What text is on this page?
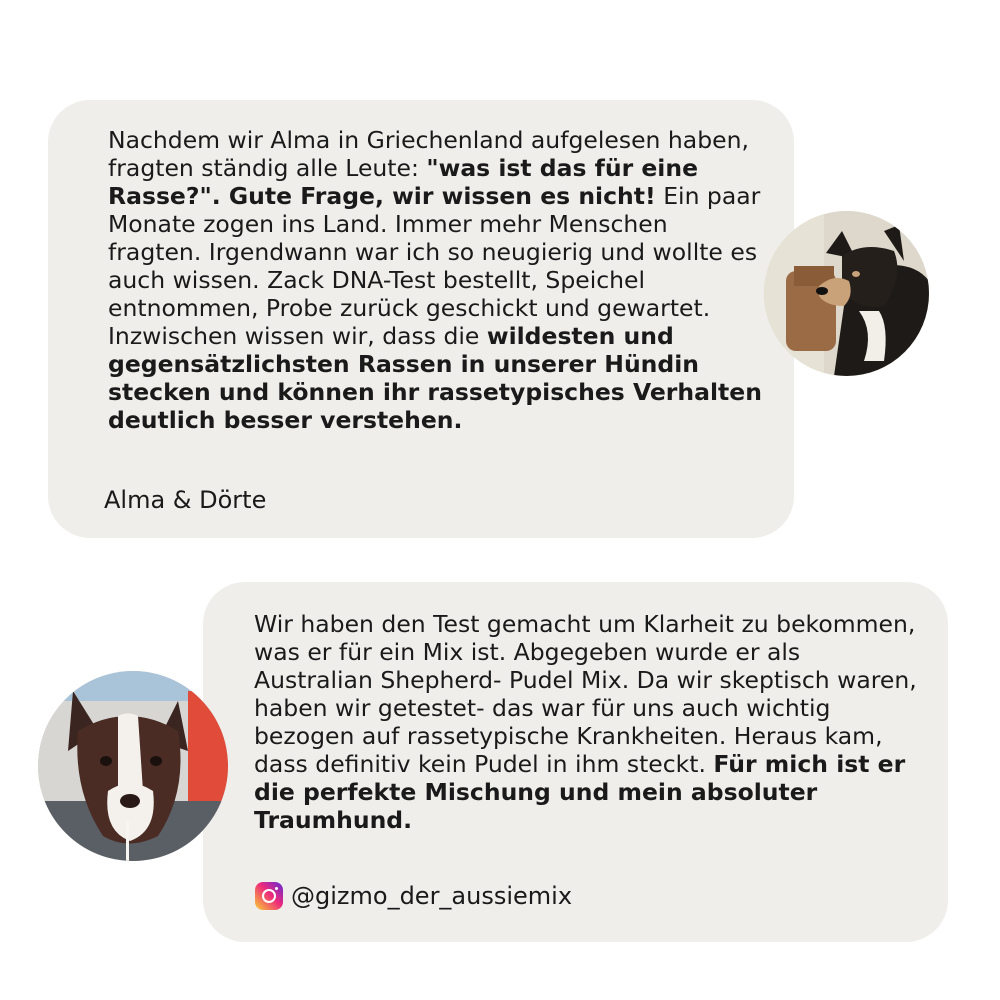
Nachdem wir Alma in Griechenland aufgelesen haben, fragten ständig alle Leute: "was ist das für eine Rasse?". Gute Frage, wir wissen es nicht! Ein paar Monate zogen ins Land. Immer mehr Menschen fragten. Irgendwann war ich so neugierig und wollte es auch wissen. Zack DNA-Test bestellt, Speichel entnommen, Probe zurück geschickt und gewartet. Inzwischen wissen wir, dass die wildesten und gegensätzlichsten Rassen in unserer Hündin stecken und können ihr rassetypisches Verhalten deutlich besser verstehen.

Alma & Dörte

Wir haben den Test gemacht um Klarheit zu bekommen, was er für ein Mix ist. Abgegeben wurde er als Australian Shepherd- Pudel Mix. Da wir skeptisch waren, haben wir getestet- das war für uns auch wichtig bezogen auf rassetypische Krankheiten. Heraus kam, dass definitiv kein Pudel in ihm steckt. Für mich ist er die perfekte Mischung und mein absoluter Traumhund.

@gizmo_der_aussiemix
